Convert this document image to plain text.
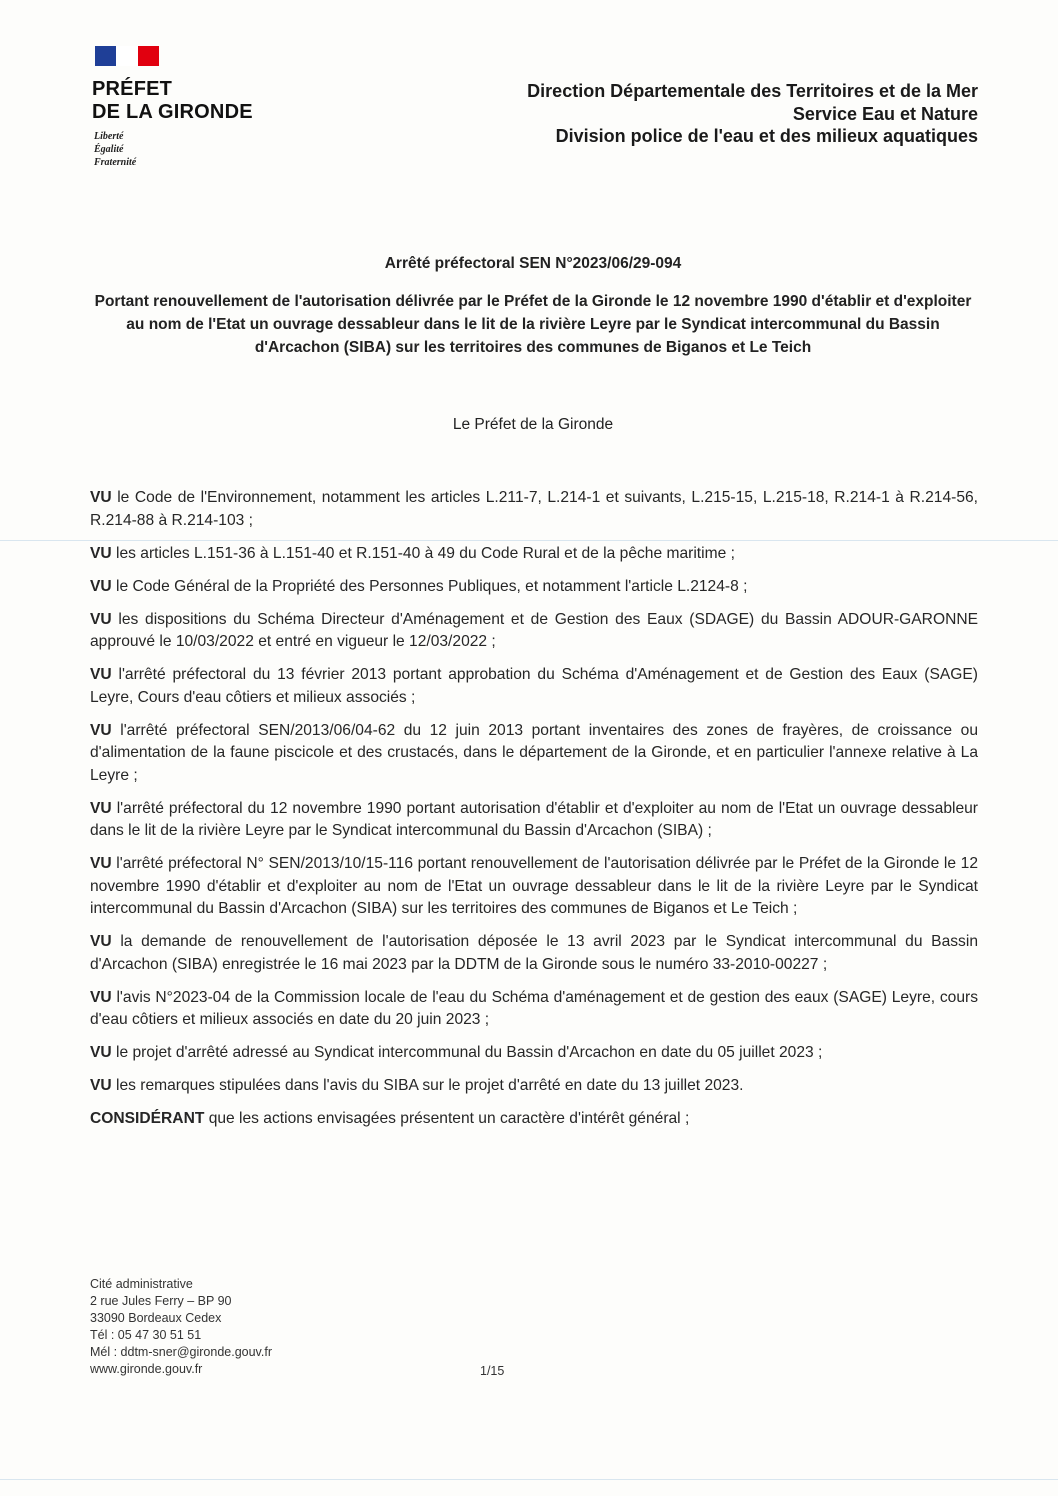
PRÉFET
DE LA GIRONDE
Liberté
Égalité
Fraternité
Direction Départementale des Territoires et de la Mer
Service Eau et Nature
Division police de l'eau et des milieux aquatiques
Arrêté préfectoral SEN N°2023/06/29-094
Portant renouvellement de l'autorisation délivrée par le Préfet de la Gironde le 12 novembre 1990 d'établir et d'exploiter au nom de l'Etat un ouvrage dessableur dans le lit de la rivière Leyre par le Syndicat intercommunal du Bassin d'Arcachon (SIBA) sur les territoires des communes de Biganos et Le Teich
Le Préfet de la Gironde

VU le Code de l'Environnement, notamment les articles L.211-7, L.214-1 et suivants, L.215-15, L.215-18, R.214-1 à R.214-56, R.214-88 à R.214-103 ;

VU les articles L.151-36 à L.151-40 et R.151-40 à 49 du Code Rural et de la pêche maritime ;

VU le Code Général de la Propriété des Personnes Publiques, et notamment l'article L.2124-8 ;

VU les dispositions du Schéma Directeur d'Aménagement et de Gestion des Eaux (SDAGE) du Bassin ADOUR-GARONNE approuvé le 10/03/2022 et entré en vigueur le 12/03/2022 ;

VU l'arrêté préfectoral du 13 février 2013 portant approbation du Schéma d'Aménagement et de Gestion des Eaux (SAGE) Leyre, Cours d'eau côtiers et milieux associés ;

VU l'arrêté préfectoral SEN/2013/06/04-62 du 12 juin 2013 portant inventaires des zones de frayères, de croissance ou d'alimentation de la faune piscicole et des crustacés, dans le département de la Gironde, et en particulier l'annexe relative à La Leyre ;

VU l'arrêté préfectoral du 12 novembre 1990 portant autorisation d'établir et d'exploiter au nom de l'Etat un ouvrage dessableur dans le lit de la rivière Leyre par le Syndicat intercommunal du Bassin d'Arcachon (SIBA) ;

VU l'arrêté préfectoral N° SEN/2013/10/15-116 portant renouvellement de l'autorisation délivrée par le Préfet de la Gironde le 12 novembre 1990 d'établir et d'exploiter au nom de l'Etat un ouvrage dessableur dans le lit de la rivière Leyre par le Syndicat intercommunal du Bassin d'Arcachon (SIBA) sur les territoires des communes de Biganos et Le Teich ;

VU la demande de renouvellement de l'autorisation déposée le 13 avril 2023 par le Syndicat intercommunal du Bassin d'Arcachon (SIBA) enregistrée le 16 mai 2023 par la DDTM de la Gironde sous le numéro 33-2010-00227 ;

VU l'avis N°2023-04 de la Commission locale de l'eau du Schéma d'aménagement et de gestion des eaux (SAGE) Leyre, cours d'eau côtiers et milieux associés en date du 20 juin 2023 ;

VU le projet d'arrêté adressé au Syndicat intercommunal du Bassin d'Arcachon en date du 05 juillet 2023 ;

VU les remarques stipulées dans l'avis du SIBA sur le projet d'arrêté en date du 13 juillet 2023.

CONSIDÉRANT que les actions envisagées présentent un caractère d'intérêt général ;

Cité administrative
2 rue Jules Ferry – BP 90
33090 Bordeaux Cedex
Tél : 05 47 30 51 51
Mél : ddtm-sner@gironde.gouv.fr
www.gironde.gouv.fr	1/15
